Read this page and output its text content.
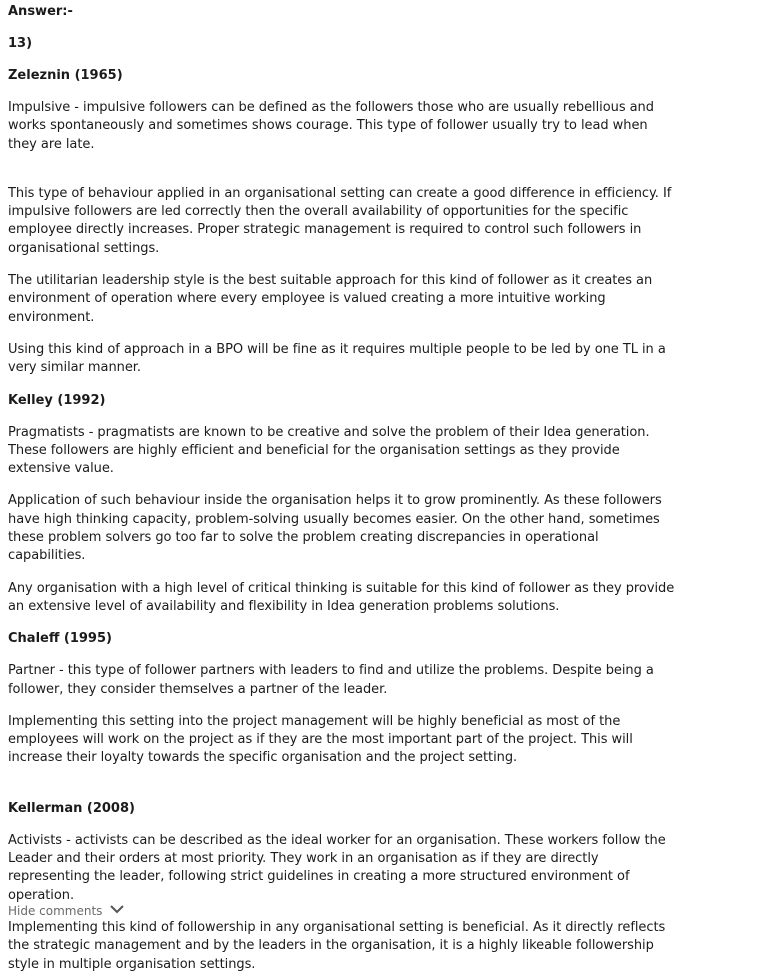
Answer:-

13)

Zeleznin (1965)

Impulsive - impulsive followers can be defined as the followers those who are usually rebellious and works spontaneously and sometimes shows courage. This type of follower usually try to lead when they are late.

This type of behaviour applied in an organisational setting can create a good difference in efficiency. If impulsive followers are led correctly then the overall availability of opportunities for the specific employee directly increases. Proper strategic management is required to control such followers in organisational settings.

The utilitarian leadership style is the best suitable approach for this kind of follower as it creates an environment of operation where every employee is valued creating a more intuitive working environment.

Using this kind of approach in a BPO will be fine as it requires multiple people to be led by one TL in a very similar manner.

Kelley (1992)

Pragmatists - pragmatists are known to be creative and solve the problem of their Idea generation. These followers are highly efficient and beneficial for the organisation settings as they provide extensive value.

Application of such behaviour inside the organisation helps it to grow prominently. As these followers have high thinking capacity, problem-solving usually becomes easier. On the other hand, sometimes these problem solvers go too far to solve the problem creating discrepancies in operational capabilities.

Any organisation with a high level of critical thinking is suitable for this kind of follower as they provide an extensive level of availability and flexibility in Idea generation problems solutions.

Chaleff (1995)

Partner - this type of follower partners with leaders to find and utilize the problems. Despite being a follower, they consider themselves a partner of the leader.

Implementing this setting into the project management will be highly beneficial as most of the employees will work on the project as if they are the most important part of the project. This will increase their loyalty towards the specific organisation and the project setting.

Kellerman (2008)

Activists - activists can be described as the ideal worker for an organisation. These workers follow the Leader and their orders at most priority. They work in an organisation as if they are directly representing the leader, following strict guidelines in creating a more structured environment of operation.

Implementing this kind of followership in any organisational setting is beneficial. As it directly reflects the strategic management and by the leaders in the organisation, it is a highly likeable followership style in multiple organisation settings.

Hide comments
